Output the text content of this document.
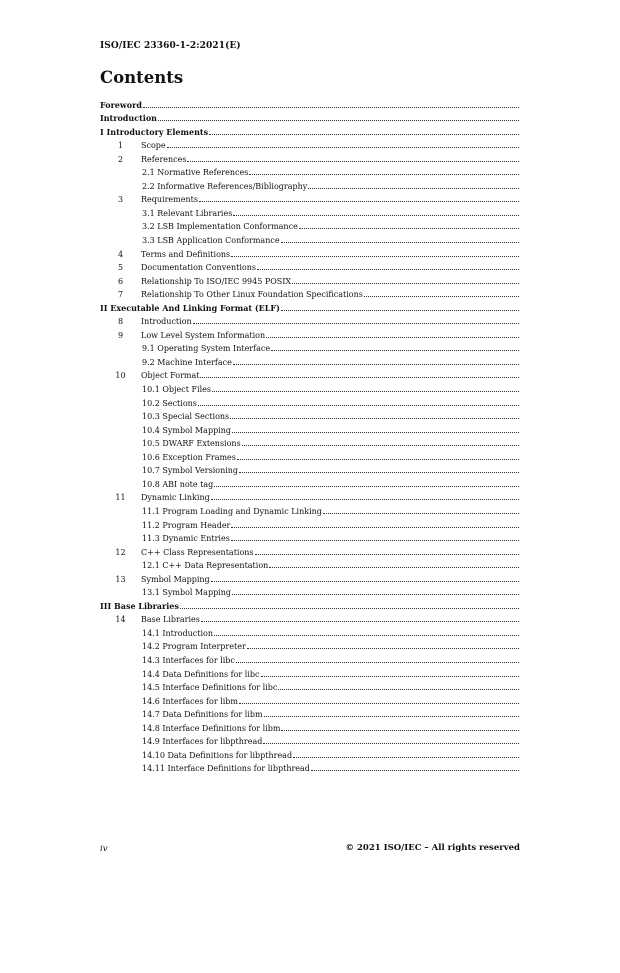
ISO/IEC 23360-1-2:2021(E)
Contents
Foreword
Introduction
I Introductory Elements
1	Scope
2	References
2.1 Normative References
2.2 Informative References/Bibliography
3	Requirements
3.1 Relevant Libraries
3.2 LSB Implementation Conformance
3.3 LSB Application Conformance
4	Terms and Definitions
5	Documentation Conventions
6	Relationship To ISO/IEC 9945 POSIX
7	Relationship To Other Linux Foundation Specifications
II Executable And Linking Format (ELF)
8	Introduction
9	Low Level System Information
9.1 Operating System Interface
9.2 Machine Interface
10	Object Format
10.1 Object Files
10.2 Sections
10.3 Special Sections
10.4 Symbol Mapping
10.5 DWARF Extensions
10.6 Exception Frames
10.7 Symbol Versioning
10.8 ABI note tag
11	Dynamic Linking
11.1 Program Loading and Dynamic Linking
11.2 Program Header
11.3 Dynamic Entries
12	C++ Class Representations
12.1 C++ Data Representation
13	Symbol Mapping
13.1 Symbol Mapping
III Base Libraries
14	Base Libraries
14.1 Introduction
14.2 Program Interpreter
14.3 Interfaces for libc
14.4 Data Definitions for libc
14.5 Interface Definitions for libc
14.6 Interfaces for libm
14.7 Data Definitions for libm
14.8 Interface Definitions for libm
14.9 Interfaces for libpthread
14.10 Data Definitions for libpthread
14.11 Interface Definitions for libpthread
iv	© 2021 ISO/IEC – All rights reserved
